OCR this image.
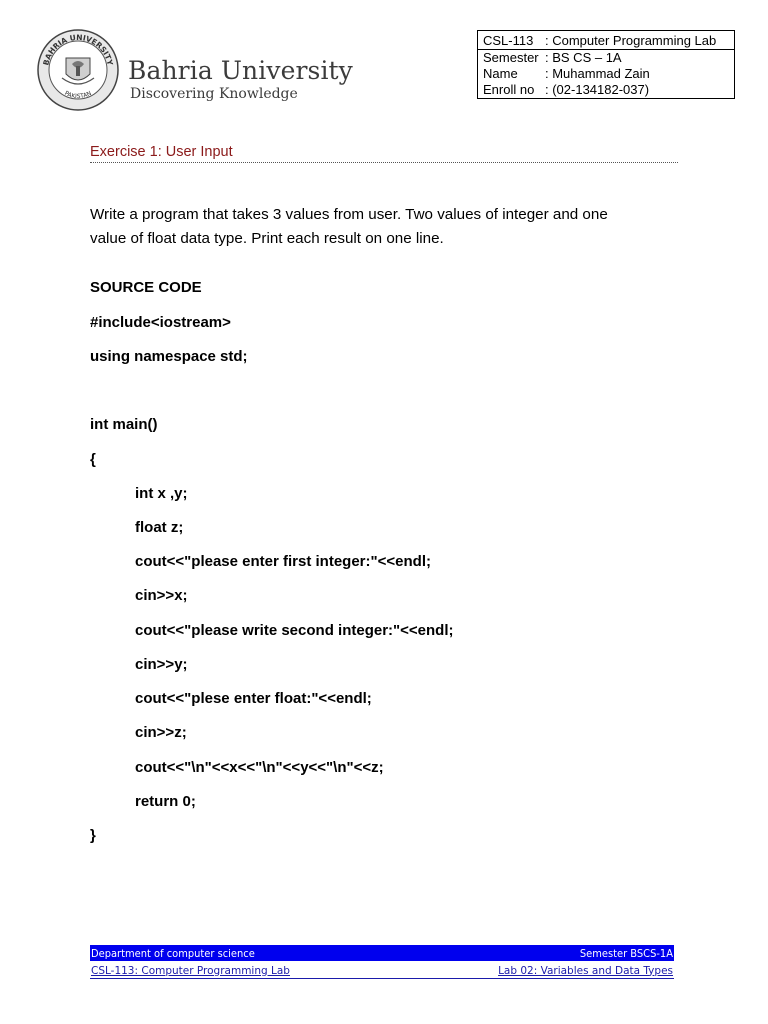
BAHRIA UNIVERSITY
PAKISTAN
Bahria University
Discovering Knowledge
CSL-113 : Computer Programming Lab
Semester : BS CS – 1A
Name : Muhammad Zain
Enroll no : (02-134182-037)
Exercise 1: User Input
Write a program that takes 3 values from user. Two values of integer and one
value of float data type. Print each result on one line.
SOURCE CODE
#include<iostream>
using namespace std;
int main()
{
int x ,y;
float z;
cout<<"please enter first integer:"<<endl;
cin>>x;
cout<<"please write second integer:"<<endl;
cin>>y;
cout<<"plese enter float:"<<endl;
cin>>z;
cout<<"\n"<<x<<"\n"<<y<<"\n"<<z;
return 0;
}
Department of computer science	Semester BSCS-1A
CSL-113: Computer Programming Lab	Lab 02: Variables and Data Types
